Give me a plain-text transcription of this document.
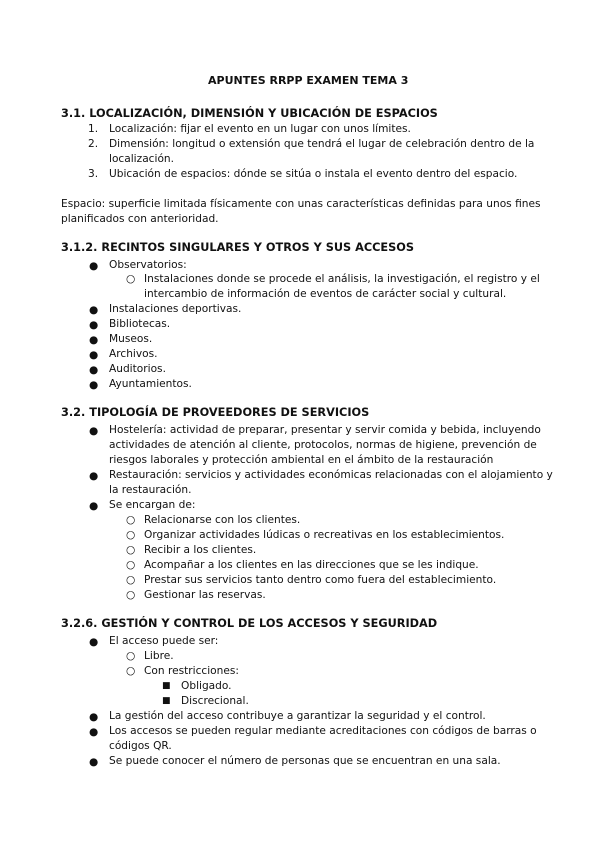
APUNTES RRPP EXAMEN TEMA 3
3.1. LOCALIZACIÓN, DIMENSIÓN Y UBICACIÓN DE ESPACIOS
1. Localización: fijar el evento en un lugar con unos límites.
2. Dimensión: longitud o extensión que tendrá el lugar de celebración dentro de la
localización.
3. Ubicación de espacios: dónde se sitúa o instala el evento dentro del espacio.
Espacio: superficie limitada físicamente con unas características definidas para unos fines
planificados con anterioridad.
3.1.2. RECINTOS SINGULARES Y OTROS Y SUS ACCESOS
● Observatorios:
○ Instalaciones donde se procede el análisis, la investigación, el registro y el
intercambio de información de eventos de carácter social y cultural.
● Instalaciones deportivas.
● Bibliotecas.
● Museos.
● Archivos.
● Auditorios.
● Ayuntamientos.
3.2. TIPOLOGÍA DE PROVEEDORES DE SERVICIOS
● Hostelería: actividad de preparar, presentar y servir comida y bebida, incluyendo
actividades de atención al cliente, protocolos, normas de higiene, prevención de
riesgos laborales y protección ambiental en el ámbito de la restauración
● Restauración: servicios y actividades económicas relacionadas con el alojamiento y
la restauración.
● Se encargan de:
○ Relacionarse con los clientes.
○ Organizar actividades lúdicas o recreativas en los establecimientos.
○ Recibir a los clientes.
○ Acompañar a los clientes en las direcciones que se les indique.
○ Prestar sus servicios tanto dentro como fuera del establecimiento.
○ Gestionar las reservas.
3.2.6. GESTIÓN Y CONTROL DE LOS ACCESOS Y SEGURIDAD
● El acceso puede ser:
○ Libre.
○ Con restricciones:
■ Obligado.
■ Discrecional.
● La gestión del acceso contribuye a garantizar la seguridad y el control.
● Los accesos se pueden regular mediante acreditaciones con códigos de barras o
códigos QR.
● Se puede conocer el número de personas que se encuentran en una sala.
